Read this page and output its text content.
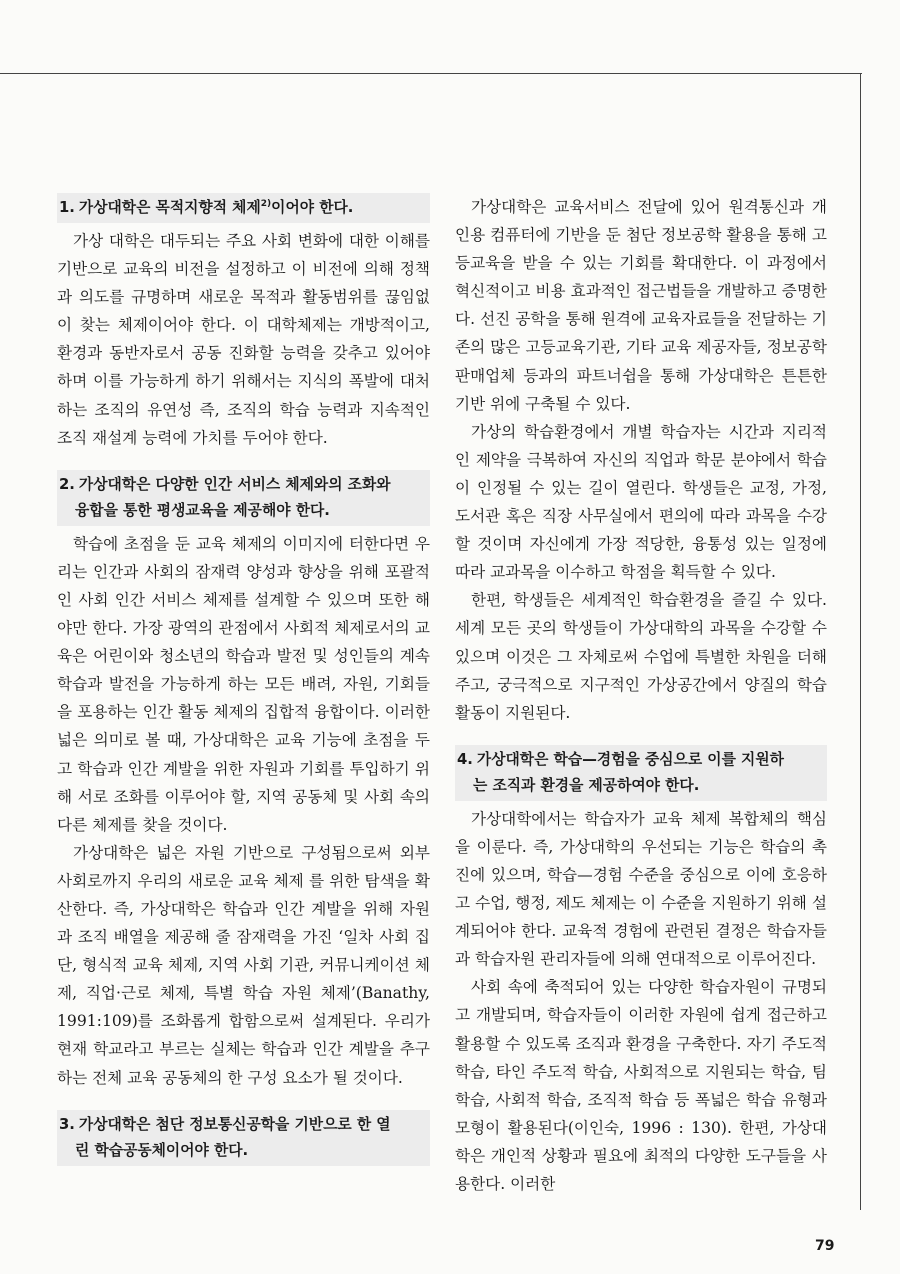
1. 가상대학은 목적지향적 체제$^{2)}$이어야 한다.

가상 대학은 대두되는 주요 사회 변화에 대한 이해를 기반으로 교육의 비전을 설정하고 이 비전에 의해 정책과 의도를 규명하며 새로운 목적과 활동범위를 끊임없이 찾는 체제이어야 한다. 이 대학체제는 개방적이고, 환경과 동반자로서 공동 진화할 능력을 갖추고 있어야 하며 이를 가능하게 하기 위해서는 지식의 폭발에 대처하는 조직의 유연성 즉, 조직의 학습 능력과 지속적인 조직 재설계 능력에 가치를 두어야 한다.

2. 가상대학은 다양한 인간 서비스 체제와의 조화와
융합을 통한 평생교육을 제공해야 한다.

학습에 초점을 둔 교육 체제의 이미지에 터한다면 우리는 인간과 사회의 잠재력 양성과 향상을 위해 포괄적인 사회 인간 서비스 체제를 설계할 수 있으며 또한 해야만 한다. 가장 광역의 관점에서 사회적 체제로서의 교육은 어린이와 청소년의 학습과 발전 및 성인들의 계속 학습과 발전을 가능하게 하는 모든 배려, 자원, 기회들을 포용하는 인간 활동 체제의 집합적 융합이다. 이러한 넓은 의미로 볼 때, 가상대학은 교육 기능에 초점을 두고 학습과 인간 계발을 위한 자원과 기회를 투입하기 위해 서로 조화를 이루어야 할, 지역 공동체 및 사회 속의 다른 체제를 찾을 것이다.

가상대학은 넓은 자원 기반으로 구성됨으로써 외부 사회로까지 우리의 새로운 교육 체제 를 위한 탐색을 확산한다. 즉, 가상대학은 학습과 인간 계발을 위해 자원과 조직 배열을 제공해 줄 잠재력을 가진 ‘일차 사회 집단, 형식적 교육 체제, 지역 사회 기관, 커뮤니케이션 체제, 직업·근로 체제, 특별 학습 자원 체제’(Banathy, 1991:109)를 조화롭게 합함으로써 설계된다. 우리가 현재 학교라고 부르는 실체는 학습과 인간 계발을 추구하는 전체 교육 공동체의 한 구성 요소가 될 것이다.

3. 가상대학은 첨단 정보통신공학을 기반으로 한 열
린 학습공동체이어야 한다.

가상대학은 교육서비스 전달에 있어 원격통신과 개인용 컴퓨터에 기반을 둔 첨단 정보공학 활용을 통해 고등교육을 받을 수 있는 기회를 확대한다. 이 과정에서 혁신적이고 비용 효과적인 접근법들을 개발하고 증명한다. 선진 공학을 통해 원격에 교육자료들을 전달하는 기존의 많은 고등교육기관, 기타 교육 제공자들, 정보공학 판매업체 등과의 파트너쉽을 통해 가상대학은 튼튼한 기반 위에 구축될 수 있다.

가상의 학습환경에서 개별 학습자는 시간과 지리적인 제약을 극복하여 자신의 직업과 학문 분야에서 학습이 인정될 수 있는 길이 열린다. 학생들은 교정, 가정, 도서관 혹은 직장 사무실에서 편의에 따라 과목을 수강할 것이며 자신에게 가장 적당한, 융통성 있는 일정에 따라 교과목을 이수하고 학점을 획득할 수 있다.

한편, 학생들은 세계적인 학습환경을 즐길 수 있다. 세계 모든 곳의 학생들이 가상대학의 과목을 수강할 수 있으며 이것은 그 자체로써 수업에 특별한 차원을 더해주고, 궁극적으로 지구적인 가상공간에서 양질의 학습활동이 지원된다.

4. 가상대학은 학습—경험을 중심으로 이를 지원하
는 조직과 환경을 제공하여야 한다.

가상대학에서는 학습자가 교육 체제 복합체의 핵심을 이룬다. 즉, 가상대학의 우선되는 기능은 학습의 촉진에 있으며, 학습—경험 수준을 중심으로 이에 호응하고 수업, 행정, 제도 체제는 이 수준을 지원하기 위해 설계되어야 한다. 교육적 경험에 관련된 결정은 학습자들과 학습자원 관리자들에 의해 연대적으로 이루어진다.

사회 속에 축적되어 있는 다양한 학습자원이 규명되고 개발되며, 학습자들이 이러한 자원에 쉽게 접근하고 활용할 수 있도록 조직과 환경을 구축한다. 자기 주도적 학습, 타인 주도적 학습, 사회적으로 지원되는 학습, 팀 학습, 사회적 학습, 조직적 학습 등 폭넓은 학습 유형과 모형이 활용된다(이인숙, 1996 : 130). 한편, 가상대학은 개인적 상황과 필요에 최적의 다양한 도구들을 사용한다. 이러한

79
